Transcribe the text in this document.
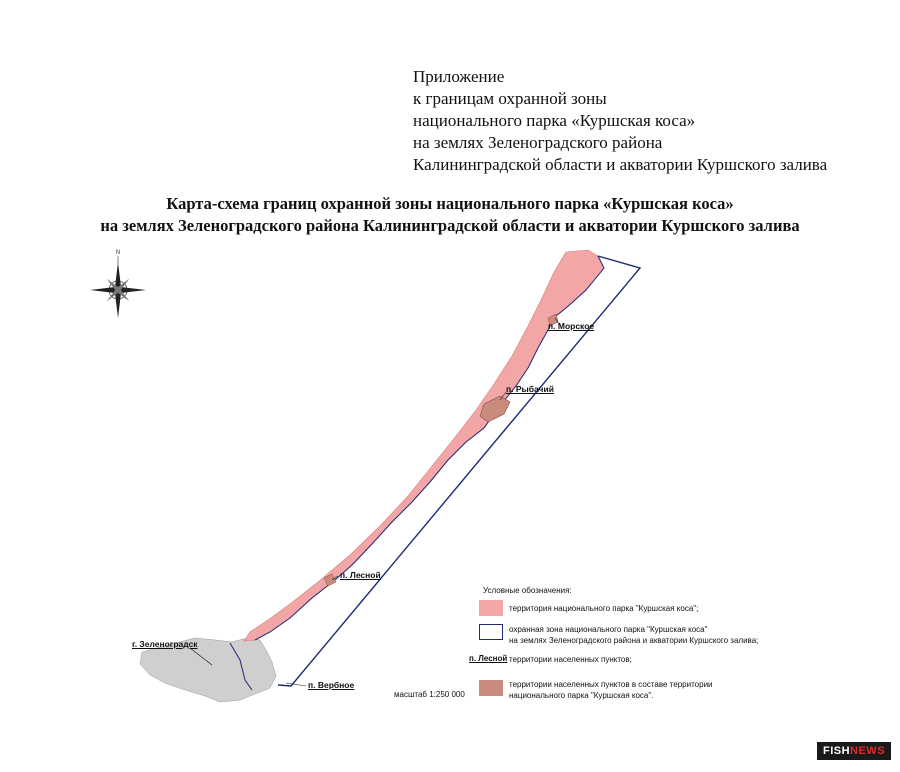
Приложение
к границам охранной зоны
национального парка «Куршская коса»
на землях Зеленоградского района
Калининградской области и акватории Куршского залива
Карта-схема границ охранной зоны национального парка «Куршская коса»
на землях Зеленоградского района Калининградской области и акватории Куршского залива
N
п. Морское
п. Рыбачий
п. Лесной
г. Зеленоградск
п. Вербное
Условные обозначения:
территория национального парка "Куршская коса";
охранная зона национального парка "Куршская коса"
на землях Зеленоградского района и акватории Куршского залива;
п. Лесной территории населенных пунктов;
территории населенных пунктов в составе территории
национального парка "Куршская коса".
масштаб 1:250 000
FISHNEWS
